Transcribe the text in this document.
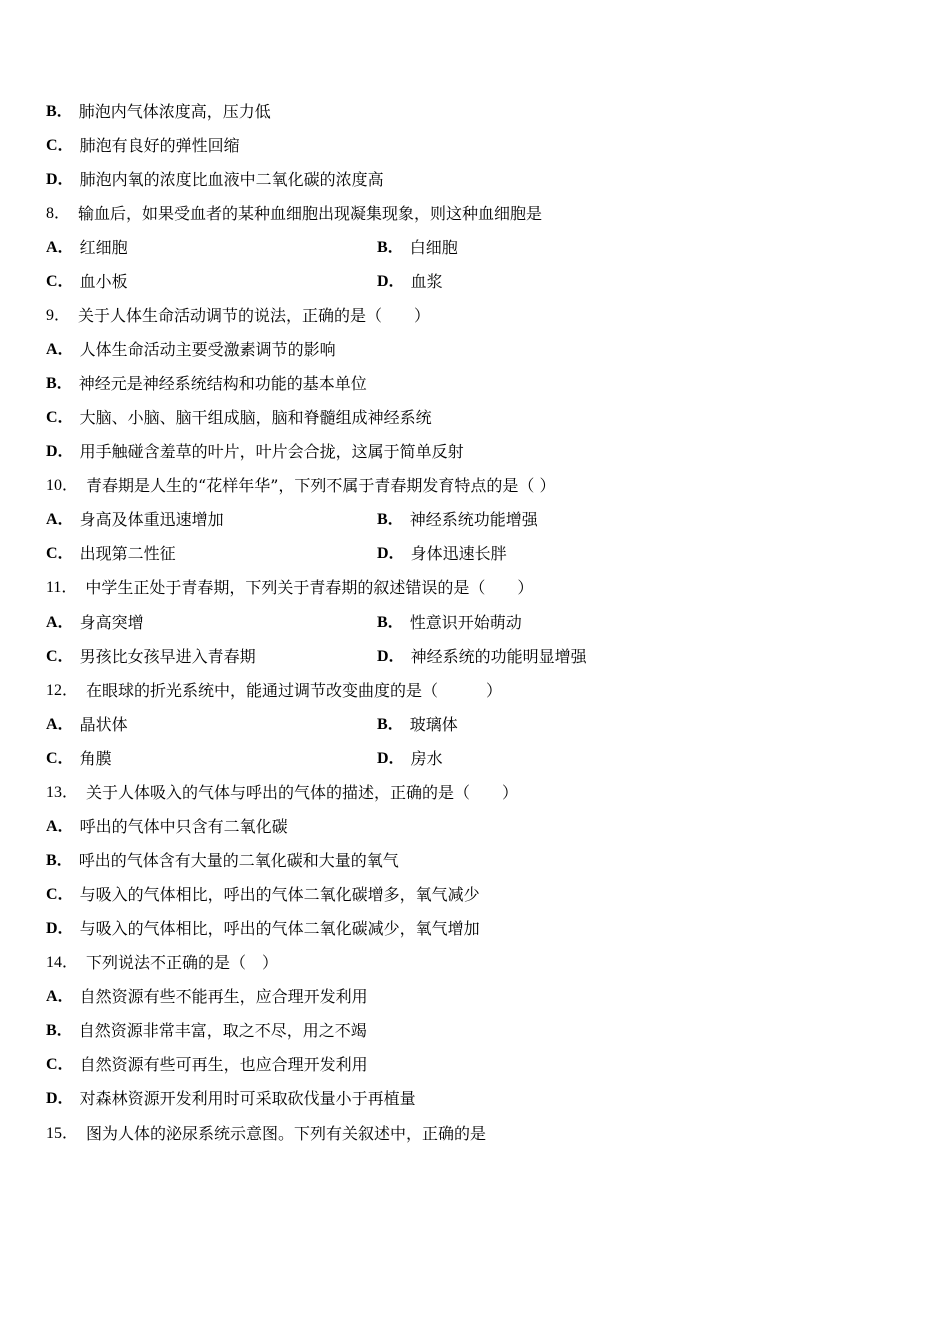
B． 肺泡内气体浓度高，压力低
C． 肺泡有良好的弹性回缩
D． 肺泡内氧的浓度比血液中二氧化碳的浓度高
8． 输血后，如果受血者的某种血细胞出现凝集现象，则这种血细胞是
A． 红细胞	B． 白细胞
C． 血小板	D． 血浆
9． 关于人体生命活动调节的说法，正确的是（　　）
A． 人体生命活动主要受激素调节的影响
B． 神经元是神经系统结构和功能的基本单位
C． 大脑、小脑、脑干组成脑，脑和脊髓组成神经系统
D． 用手触碰含羞草的叶片，叶片会合拢，这属于简单反射
10． 青春期是人生的“花样年华”，下列不属于青春期发育特点的是（ ）
A． 身高及体重迅速增加	B． 神经系统功能增强
C． 出现第二性征	D． 身体迅速长胖
11． 中学生正处于青春期，下列关于青春期的叙述错误的是（　　）
A． 身高突增	B． 性意识开始萌动
C． 男孩比女孩早进入青春期	D． 神经系统的功能明显增强
12． 在眼球的折光系统中，能通过调节改变曲度的是（　　　）
A． 晶状体	B． 玻璃体
C． 角膜	D． 房水
13． 关于人体吸入的气体与呼出的气体的描述，正确的是（　　）
A． 呼出的气体中只含有二氧化碳
B． 呼出的气体含有大量的二氧化碳和大量的氧气
C． 与吸入的气体相比，呼出的气体二氧化碳增多，氧气减少
D． 与吸入的气体相比，呼出的气体二氧化碳减少，氧气增加
14． 下列说法不正确的是（　）
A． 自然资源有些不能再生，应合理开发利用
B． 自然资源非常丰富，取之不尽，用之不竭
C． 自然资源有些可再生，也应合理开发利用
D． 对森林资源开发利用时可采取砍伐量小于再植量
15． 图为人体的泌尿系统示意图。下列有关叙述中，正确的是
